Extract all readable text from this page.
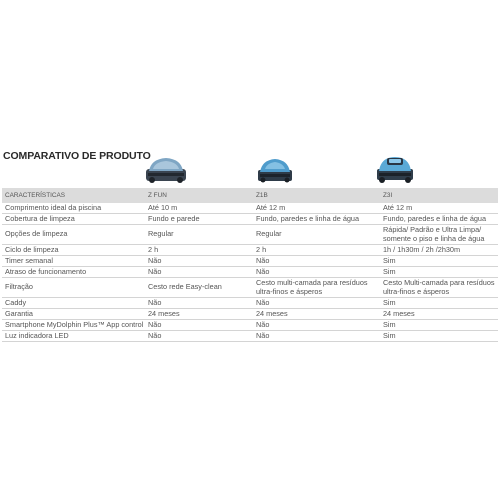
COMPARATIVO DE PRODUTO
CARACTERÍSTICAS	Z FUN	Z1B	Z3I
Comprimento ideal da piscina	Até 10 m	Até 12 m	Até 12 m
Cobertura de limpeza	Fundo e parede	Fundo, paredes e linha de água	Fundo, paredes e linha de água
Opções de limpeza	Regular	Regular	Rápida/ Padrão e Ultra Limpa/ somente o piso e linha de água
Ciclo de limpeza	2 h	2 h	1h / 1h30m / 2h /2h30m
Timer semanal	Não	Não	Sim
Atraso de funcionamento	Não	Não	Sim
Filtração	Cesto rede Easy-clean	Cesto multi-camada para resíduos ultra-finos e ásperos	Cesto Multi-camada para resíduos ultra-finos e ásperos
Caddy	Não	Não	Sim
Garantia	24 meses	24 meses	24 meses
Smartphone MyDolphin Plus™ App control	Não	Não	Sim
Luz indicadora LED	Não	Não	Sim
